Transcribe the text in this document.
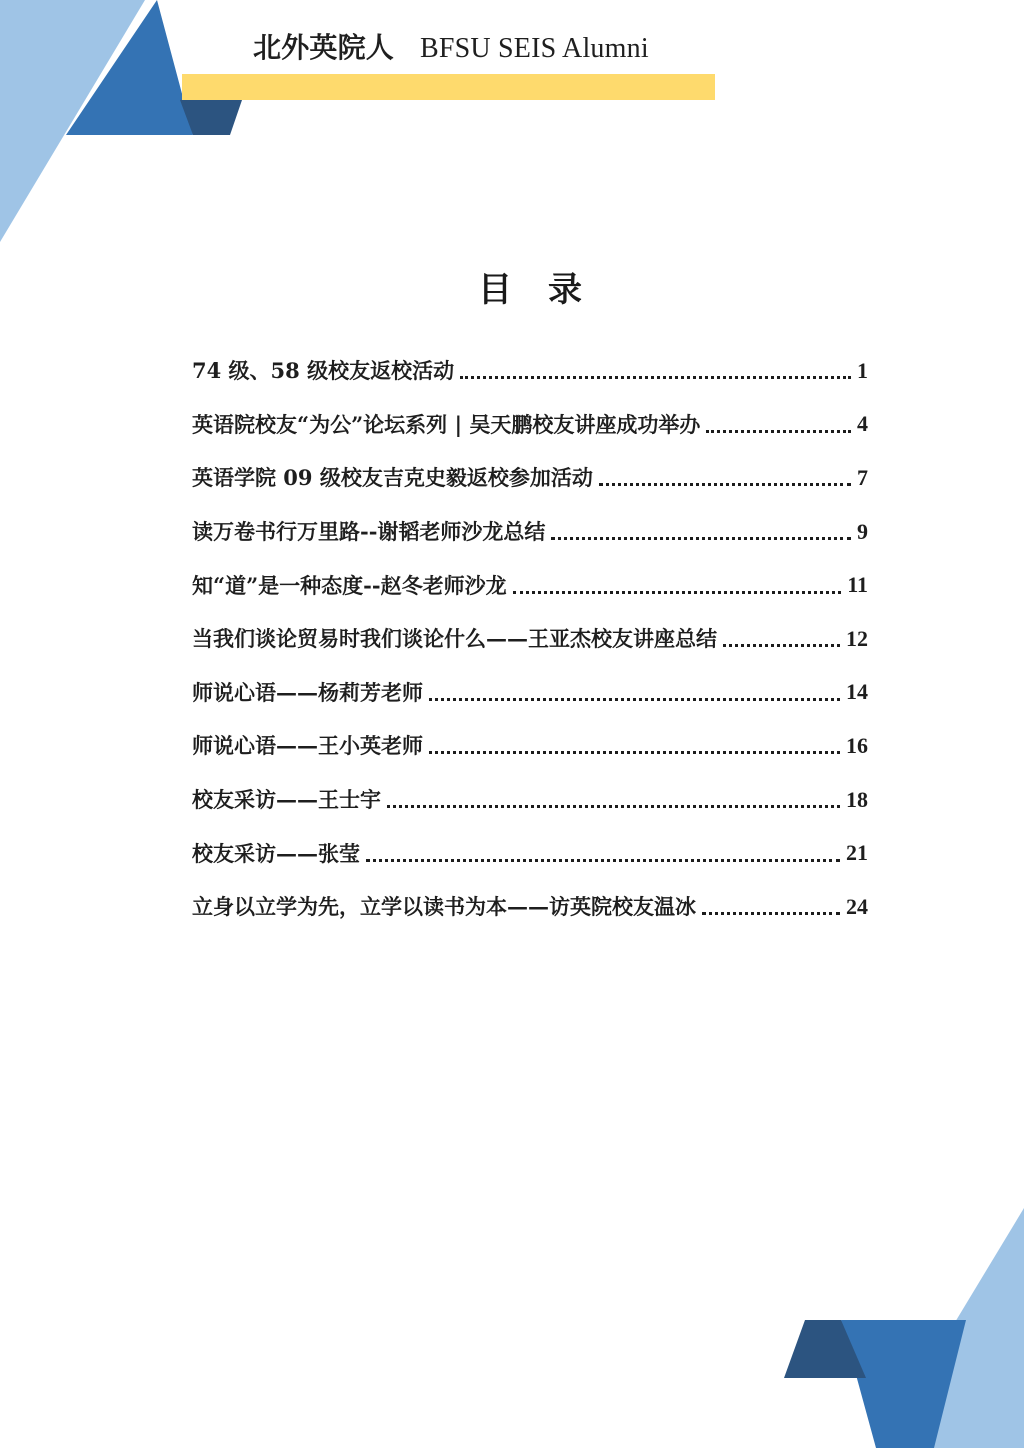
北外英院人 BFSU SEIS Alumni
目录
74 级、58 级校友返校活动	1
英语院校友“为公”论坛系列 | 吴天鹏校友讲座成功举办	4
英语学院 09 级校友吉克史毅返校参加活动	7
读万卷书行万里路--谢韬老师沙龙总结	9
知“道”是一种态度--赵冬老师沙龙	11
当我们谈论贸易时我们谈论什么——王亚杰校友讲座总结	12
师说心语——杨莉芳老师	14
师说心语——王小英老师	16
校友采访——王士宇	18
校友采访——张莹	21
立身以立学为先，立学以读书为本——访英院校友温冰	24
